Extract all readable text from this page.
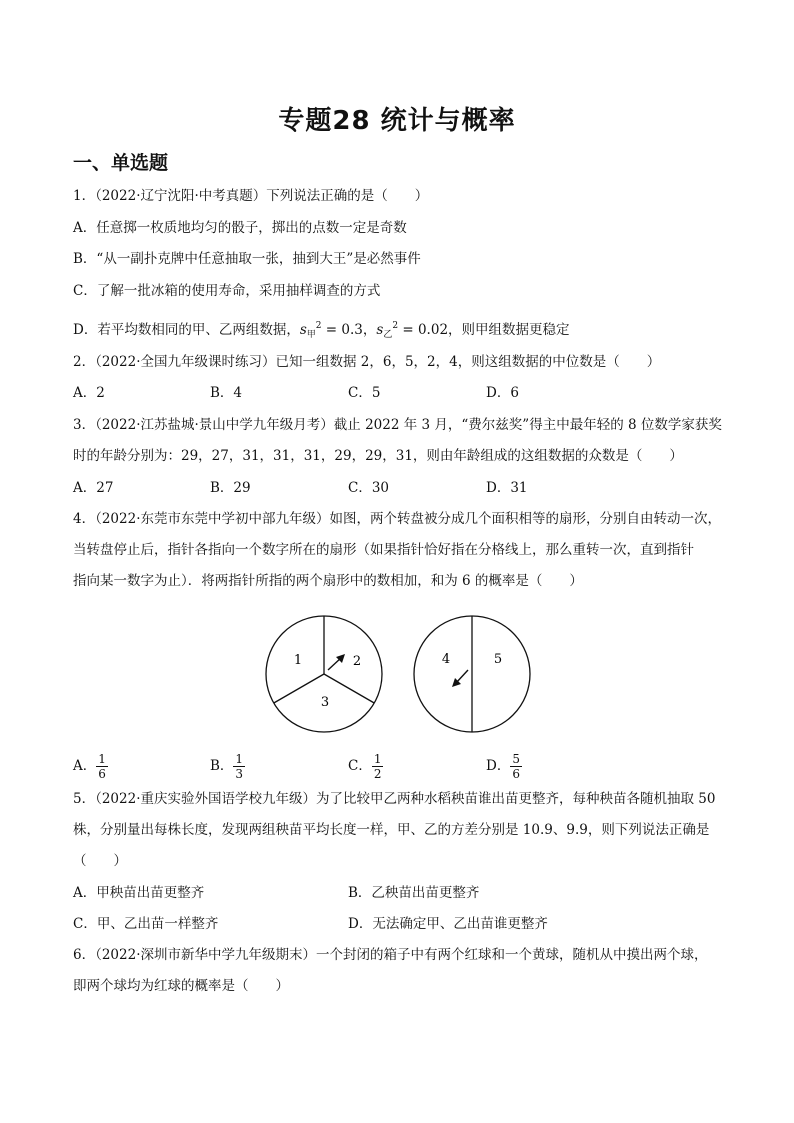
专题28 统计与概率
一、单选题
1．（2022·辽宁沈阳·中考真题）下列说法正确的是（　　）
A．任意掷一枚质地均匀的骰子，掷出的点数一定是奇数
B．“从一副扑克牌中任意抽取一张，抽到大王”是必然事件
C．了解一批冰箱的使用寿命，采用抽样调查的方式
D．若平均数相同的甲、乙两组数据，$s_甲^2 = 0.3$，$s_乙^2 = 0.02$，则甲组数据更稳定
2．（2022·全国九年级课时练习）已知一组数据 2，6，5，2，4，则这组数据的中位数是（　　）
A．2	B．4	C．5	D．6
3．（2022·江苏盐城·景山中学九年级月考）截止 2022 年 3 月，“费尔兹奖”得主中最年轻的 8 位数学家获奖
时的年龄分别为：29，27，31，31，31，29，29，31，则由年龄组成的这组数据的众数是（　　）
A．27	B．29	C．30	D．31
4．（2022·东莞市东莞中学初中部九年级）如图，两个转盘被分成几个面积相等的扇形，分别自由转动一次，
当转盘停止后，指针各指向一个数字所在的扇形（如果指针恰好指在分格线上，那么重转一次，直到指针
指向某一数字为止）．将两指针所指的两个扇形中的数相加，和为 6 的概率是（　　）
1	2
3
4	5
A． $\frac{1}{6}$	B． $\frac{1}{3}$	C． $\frac{1}{2}$	D． $\frac{5}{6}$
5．（2022·重庆实验外国语学校九年级）为了比较甲乙两种水稻秧苗谁出苗更整齐，每种秧苗各随机抽取 50
株，分别量出每株长度，发现两组秧苗平均长度一样，甲、乙的方差分别是 10.9、9.9，则下列说法正确是
（　　）
A．甲秧苗出苗更整齐	B．乙秧苗出苗更整齐
C．甲、乙出苗一样整齐	D．无法确定甲、乙出苗谁更整齐
6．（2022·深圳市新华中学九年级期末）一个封闭的箱子中有两个红球和一个黄球，随机从中摸出两个球，
即两个球均为红球的概率是（　　）
